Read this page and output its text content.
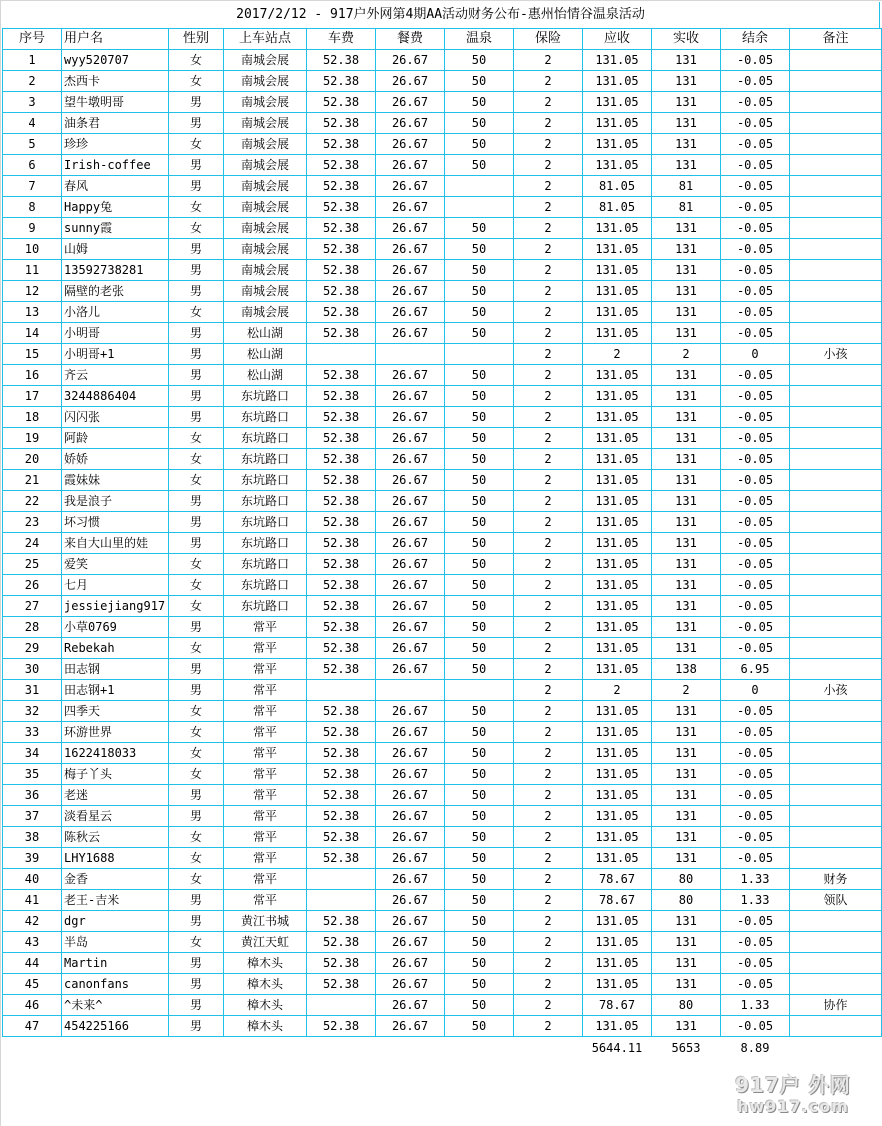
2017/2/12 - 917户外网第4期AA活动财务公布-惠州怡情谷温泉活动
序号	用户名	性别	上车站点	车费	餐费	温泉	保险	应收	实收	结余	备注
1	wyy520707	女	南城会展	52.38	26.67	50	2	131.05	131	-0.05	
2	杰西卡	女	南城会展	52.38	26.67	50	2	131.05	131	-0.05	
3	望牛墩明哥	男	南城会展	52.38	26.67	50	2	131.05	131	-0.05	
4	油条君	男	南城会展	52.38	26.67	50	2	131.05	131	-0.05	
5	珍珍	女	南城会展	52.38	26.67	50	2	131.05	131	-0.05	
6	Irish-coffee	男	南城会展	52.38	26.67	50	2	131.05	131	-0.05	
7	春风	男	南城会展	52.38	26.67		2	81.05	81	-0.05	
8	Happy兔	女	南城会展	52.38	26.67		2	81.05	81	-0.05	
9	sunny霞	女	南城会展	52.38	26.67	50	2	131.05	131	-0.05	
10	山姆	男	南城会展	52.38	26.67	50	2	131.05	131	-0.05	
11	13592738281	男	南城会展	52.38	26.67	50	2	131.05	131	-0.05	
12	隔壁的老张	男	南城会展	52.38	26.67	50	2	131.05	131	-0.05	
13	小洛儿	女	南城会展	52.38	26.67	50	2	131.05	131	-0.05	
14	小明哥	男	松山湖	52.38	26.67	50	2	131.05	131	-0.05	
15	小明哥+1	男	松山湖				2	2	2	0	小孩
16	齐云	男	松山湖	52.38	26.67	50	2	131.05	131	-0.05	
17	3244886404	男	东坑路口	52.38	26.67	50	2	131.05	131	-0.05	
18	闪闪张	男	东坑路口	52.38	26.67	50	2	131.05	131	-0.05	
19	阿龄	女	东坑路口	52.38	26.67	50	2	131.05	131	-0.05	
20	娇娇	女	东坑路口	52.38	26.67	50	2	131.05	131	-0.05	
21	霞妹妹	女	东坑路口	52.38	26.67	50	2	131.05	131	-0.05	
22	我是浪子	男	东坑路口	52.38	26.67	50	2	131.05	131	-0.05	
23	坏习惯	男	东坑路口	52.38	26.67	50	2	131.05	131	-0.05	
24	来自大山里的娃	男	东坑路口	52.38	26.67	50	2	131.05	131	-0.05	
25	爱笑	女	东坑路口	52.38	26.67	50	2	131.05	131	-0.05	
26	七月	女	东坑路口	52.38	26.67	50	2	131.05	131	-0.05	
27	jessiejiang917	女	东坑路口	52.38	26.67	50	2	131.05	131	-0.05	
28	小草0769	男	常平	52.38	26.67	50	2	131.05	131	-0.05	
29	Rebekah	女	常平	52.38	26.67	50	2	131.05	131	-0.05	
30	田志钢	男	常平	52.38	26.67	50	2	131.05	138	6.95	
31	田志钢+1	男	常平				2	2	2	0	小孩
32	四季天	女	常平	52.38	26.67	50	2	131.05	131	-0.05	
33	环游世界	女	常平	52.38	26.67	50	2	131.05	131	-0.05	
34	1622418033	女	常平	52.38	26.67	50	2	131.05	131	-0.05	
35	梅子丫头	女	常平	52.38	26.67	50	2	131.05	131	-0.05	
36	老迷	男	常平	52.38	26.67	50	2	131.05	131	-0.05	
37	淡看星云	男	常平	52.38	26.67	50	2	131.05	131	-0.05	
38	陈秋云	女	常平	52.38	26.67	50	2	131.05	131	-0.05	
39	LHY1688	女	常平	52.38	26.67	50	2	131.05	131	-0.05	
40	金香	女	常平		26.67	50	2	78.67	80	1.33	财务
41	老王-吉米	男	常平		26.67	50	2	78.67	80	1.33	领队
42	dgr	男	黄江书城	52.38	26.67	50	2	131.05	131	-0.05	
43	半岛	女	黄江天虹	52.38	26.67	50	2	131.05	131	-0.05	
44	Martin	男	樟木头	52.38	26.67	50	2	131.05	131	-0.05	
45	canonfans	男	樟木头	52.38	26.67	50	2	131.05	131	-0.05	
46	^未来^	男	樟木头		26.67	50	2	78.67	80	1.33	协作
47	454225166	男	樟木头	52.38	26.67	50	2	131.05	131	-0.05	
								5644.11	5653	8.89	
917户 外网
hw917.com
